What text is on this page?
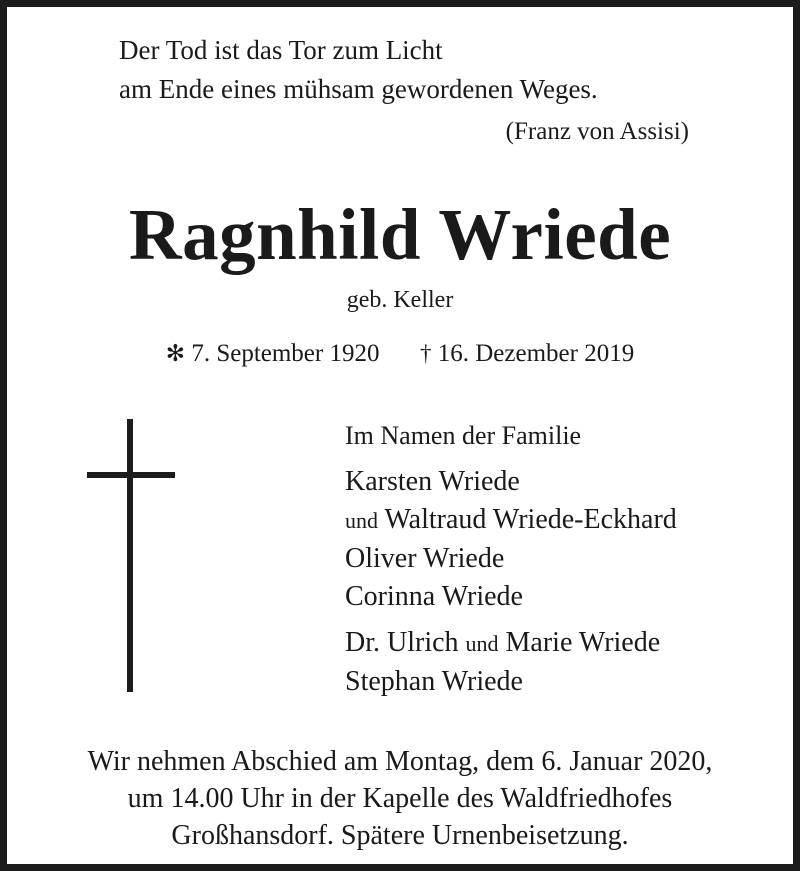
Der Tod ist das Tor zum Licht
am Ende eines mühsam gewordenen Weges.
(Franz von Assisi)
Ragnhild Wriede
geb. Keller
✻ 7. September 1920 † 16. Dezember 2019
Im Namen der Familie
Karsten Wriede
und Waltraud Wriede-Eckhard
Oliver Wriede
Corinna Wriede
Dr. Ulrich und Marie Wriede
Stephan Wriede
Wir nehmen Abschied am Montag, dem 6. Januar 2020,
um 14.00 Uhr in der Kapelle des Waldfriedhofes
Großhansdorf. Spätere Urnenbeisetzung.
